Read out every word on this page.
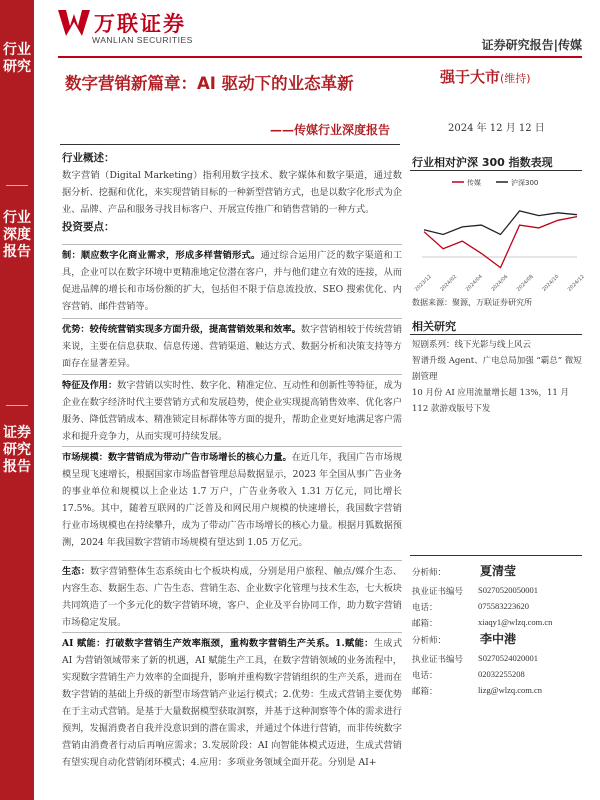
行业研究
行业深度报告
证券研究报告
万联证券
WANLIAN SECURITIES	证券研究报告|传媒
数字营销新篇章：AI 驱动下的业态革新
——传媒行业深度报告
强于大市(维持)
2024 年 12 月 12 日
行业概述：
数字营销（Digital Marketing）指利用数字技术、数字媒体和数字渠道，通过数据分析、挖掘和优化，来实现营销目标的一种新型营销方式，也是以数字化形式为企业、品牌、产品和服务寻找目标客户、开展宣传推广和销售营销的一种方式。
投资要点：
制：顺应数字化商业需求，形成多样营销形式。通过综合运用广泛的数字渠道和工具，企业可以在数字环境中更精准地定位潜在客户，并与他们建立有效的连接，从而促进品牌的增长和市场份额的扩大，包括但不限于信息流投放、SEO 搜索优化、内容营销、邮件营销等。
优势：较传统营销实现多方面升级，提高营销效果和效率。数字营销相较于传统营销来说，主要在信息获取、信息传递、营销渠道、触达方式、数据分析和决策支持等方面存在显著差异。
特征及作用：数字营销以实时性、数字化、精准定位、互动性和创新性等特征，成为企业在数字经济时代主要营销方式和发展趋势，使企业实现提高销售效率、优化客户服务、降低营销成本、精准锁定目标群体等方面的提升，帮助企业更好地满足客户需求和提升竞争力，从而实现可持续发展。
市场规模：数字营销成为带动广告市场增长的核心力量。在近几年，我国广告市场规模呈现飞速增长，根据国家市场监督管理总局数据显示，2023 年全国从事广告业务的事业单位和规模以上企业达 1.7 万户，广告业务收入 1.31 万亿元，同比增长 17.5%。其中，随着互联网的广泛普及和网民用户规模的快速增长，我国数字营销行业市场规模也在持续攀升，成为了带动广告市场增长的核心力量。根据月狐数据预测，2024 年我国数字营销市场规模有望达到 1.05 万亿元。
生态：数字营销整体生态系统由七个板块构成，分别是用户旅程、触点/媒介生态、内容生态、数据生态、广告生态、营销生态、企业数字化管理与技术生态，七大板块共同筑造了一个多元化的数字营销环境，客户、企业及平台协同工作，助力数字营销市场稳定发展。
AI 赋能：打破数字营销生产效率瓶颈，重构数字营销生产关系。1.赋能：生成式 AI 为营销领域带来了新的机遇，AI 赋能生产工具，在数字营销领域的业务流程中，实现数字营销生产力效率的全面提升，影响并重构数字营销组织的生产关系，进而在数字营销的基础上升级的新型市场营销产业运行模式；2.优势：生成式营销主要优势在于主动式营销。是基于大量数据模型获取洞察，并基于这种洞察等个体的需求进行预判，发掘消费者自我并没意识到的潜在需求，并通过个体进行营销，而非传统数字营销由消费者行动后再响应需求；3.发展阶段：AI 向智能体模式迈进，生成式营销有望实现自动化营销闭环模式；4.应用：多项业务领域全面开花。分别是 AI+
行业相对沪深 300 指数表现
传媒	沪深300
2023/12 2024/02 2024/04 2024/06 2024/08 2024/10 2024/12
数据来源：聚源，万联证券研究所
相关研究
短剧系列：线下光影与线上风云
智谱升级 Agent、广电总局加强 “霸总” 微短剧管理
10 月份 AI 应用流量增长超 13%，11 月 112 款游戏版号下发
分析师：	夏清莹
执业证书编号 S0270520050001
电话：	075583223620
邮箱：	xiaqy1@wlzq.com.cn
分析师：	李中港
执业证书编号 S0270524020001
电话：	02032255208
邮箱：	lizg@wlzq.com.cn
